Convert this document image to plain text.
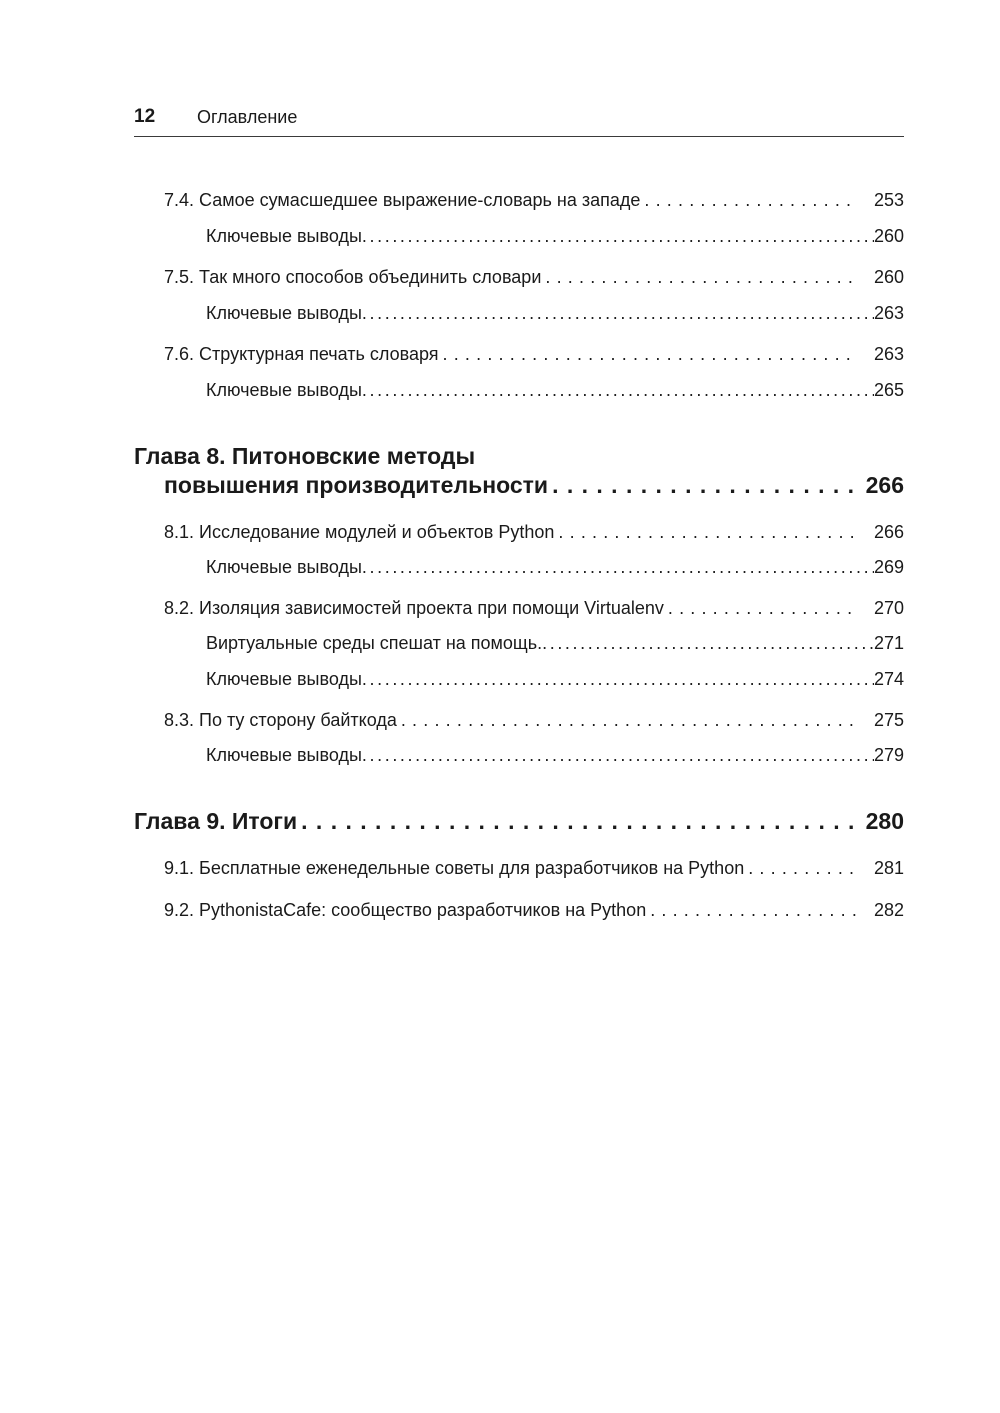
12 Оглавление
7.4. Самое сумасшедшее выражение-словарь на западе . . .	253
Ключевые выводы .....	260
7.5. Так много способов объединить словари . . .	260
Ключевые выводы .....	263
7.6. Структурная печать словаря . . .	263
Ключевые выводы .....	265
Глава 8. Питоновские методы
повышения производительности . . .	266
8.1. Исследование модулей и объектов Python . . .	266
Ключевые выводы .....	269
8.2. Изоляция зависимостей проекта при помощи Virtualenv . . .	270
Виртуальные среды спешат на помощь. .....	271
Ключевые выводы .....	274
8.3. По ту сторону байткода . . .	275
Ключевые выводы .....	279
Глава 9. Итоги . . .	280
9.1. Бесплатные еженедельные советы для разработчиков на Python . . .	281
9.2. PythonistaCafe: сообщество разработчиков на Python . . .	282
